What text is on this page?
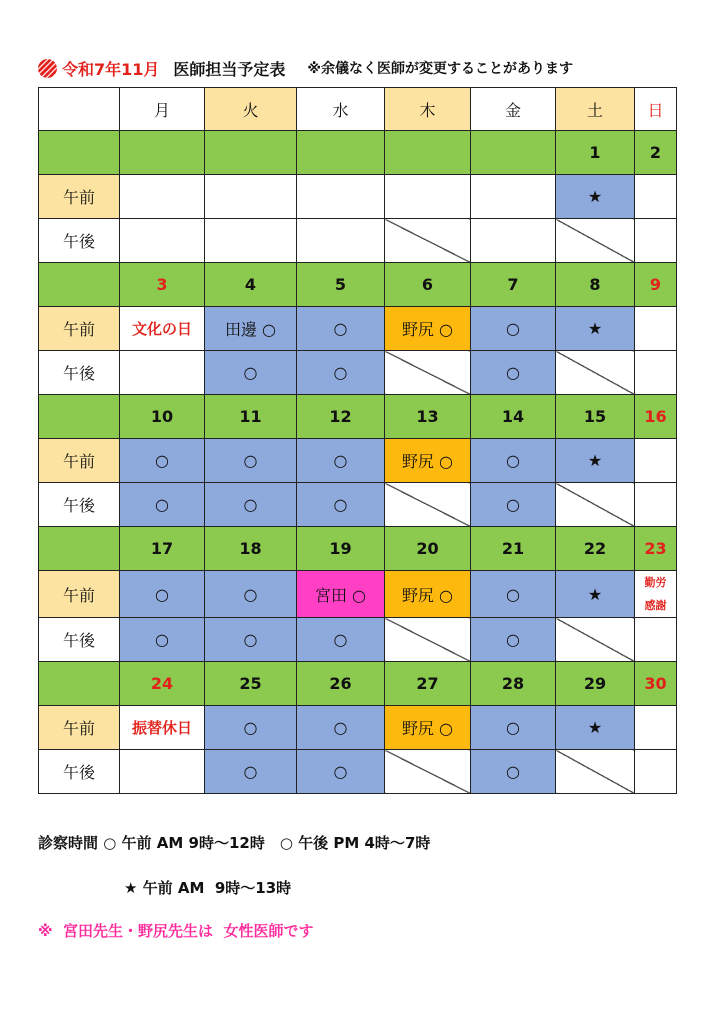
令和7年11月 医師担当予定表 ※余儀なく医師が変更することがあります
	月	火	水	木	金	土	日
						1	2
午前						★	
午後							
	3	4	5	6	7	8	9
午前	文化の日	田邊 ○	○	野尻 ○	○	★	
午後		○	○		○		
	10	11	12	13	14	15	16
午前	○	○	○	野尻 ○	○	★	
午後	○	○	○		○		
	17	18	19	20	21	22	23
午前	○	○	宮田 ○	野尻 ○	○	★	勤労感謝
午後	○	○	○		○		
	24	25	26	27	28	29	30
午前	振替休日	○	○	野尻 ○	○	★	
午後		○	○		○		
診察時間 ○ 午前 AM 9時～12時　○ 午後 PM 4時～7時
★ 午前 AM  9時～13時
※  宮田先生・野尻先生は  女性医師です
